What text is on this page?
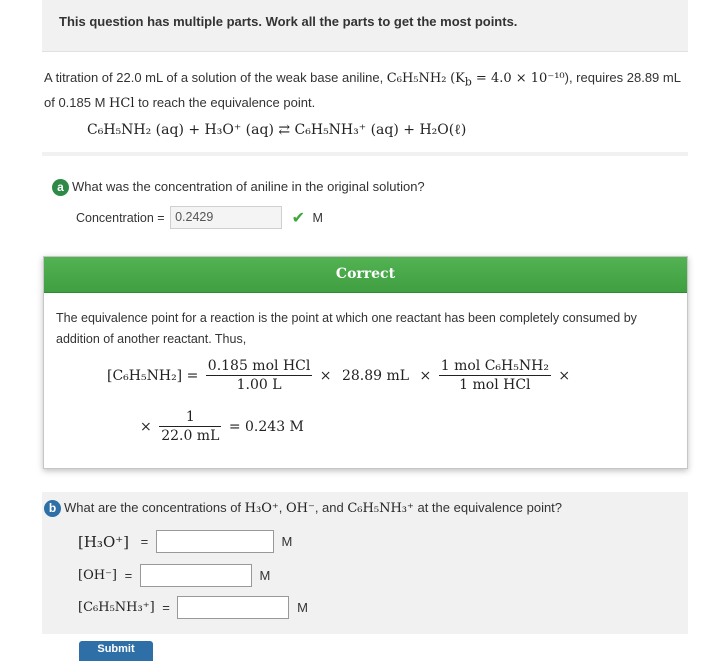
This question has multiple parts. Work all the parts to get the most points.
A titration of 22.0 mL of a solution of the weak base aniline, C₆H₅NH₂ $(K_b = 4.0 \times 10^{-10})$, requires 28.89 mL of 0.185 M HCl to reach the equivalence point.
C₆H₅NH₂ (aq) + H₃O⁺ (aq) ⇄ C₆H₅NH₃⁺ (aq) + H₂O(ℓ)
a What was the concentration of aniline in the original solution?
Concentration = 0.2429	✔ M
Correct
The equivalence point for a reaction is the point at which one reactant has been completely consumed by addition of another reactant. Thus,
$[C_6H_5NH_2] = \frac{\text{0.185 mol HCl}}{1.00 L} \times 28.89$ mL × $\frac{\text{1 mol C₆H₅NH₂}}{\text{1 mol HCl}}$ ×
× $\frac{1}{22.0 mL} = 0.243$ M
b What are the concentrations of H₃O⁺, OH⁻, and C₆H₅NH₃⁺ at the equivalence point?
[H₃O⁺] =	M
[OH⁻] =	M
[C₆H₅NH₃⁺] =	M
Submit
